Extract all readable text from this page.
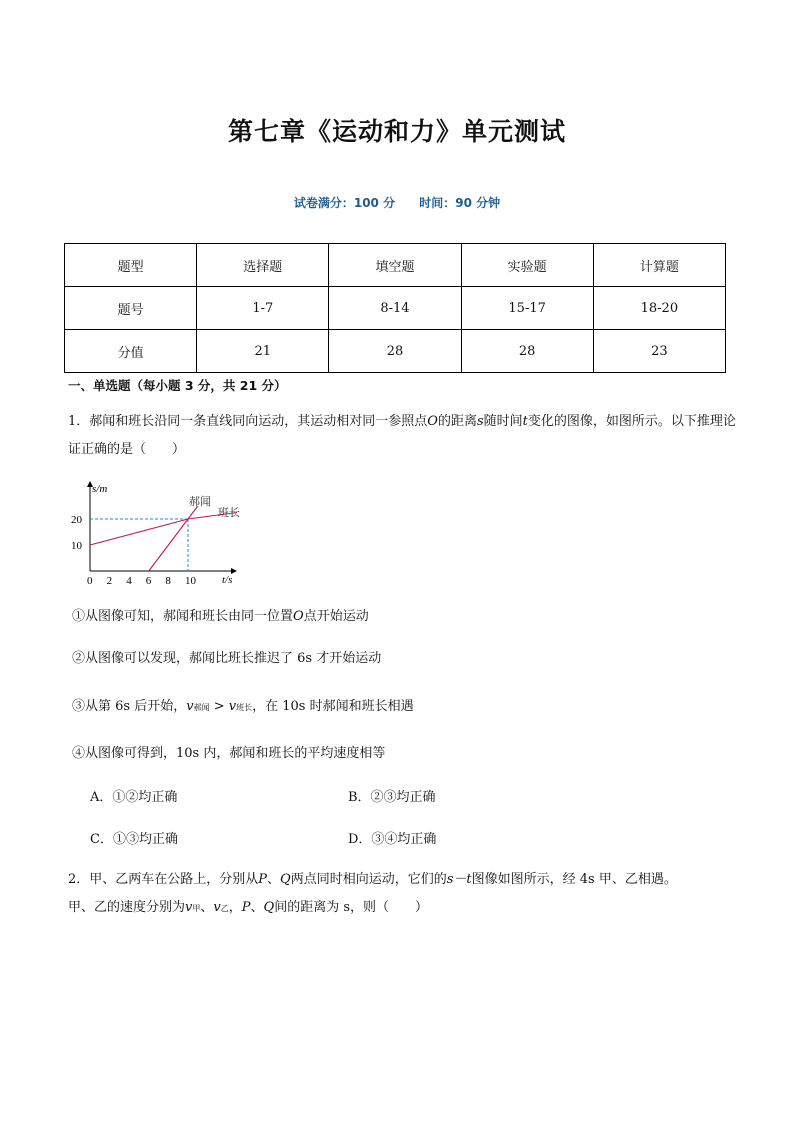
第七章《运动和力》单元测试
试卷满分：100 分 时间：90 分钟
题型	选择题	填空题	实验题	计算题
题号	1-7	8-14	15-17	18-20
分值	21	28	28	23
一、单选题（每小题 3 分，共 21 分）
1．郝闻和班长沿同一条直线同向运动，其运动相对同一参照点O的距离s随时间t变化的图像，如图所示。以下推理论证正确的是（　　）
0 2 4 6 8 10
10
20
s/m
t/s
郝闻
班长
①从图像可知，郝闻和班长由同一位置O点开始运动
②从图像可以发现，郝闻比班长推迟了 6s 才开始运动
③从第 6s 后开始，v郝闻 > v班长，在 10s 时郝闻和班长相遇
④从图像可得到，10s 内，郝闻和班长的平均速度相等
A．①②均正确	B．②③均正确
C．①③均正确	D．③④均正确
2．甲、乙两车在公路上，分别从P、Q两点同时相向运动，它们的s－t图像如图所示，经 4s 甲、乙相遇。
甲、乙的速度分别为v甲、v乙，P、Q间的距离为 s，则（　　）
